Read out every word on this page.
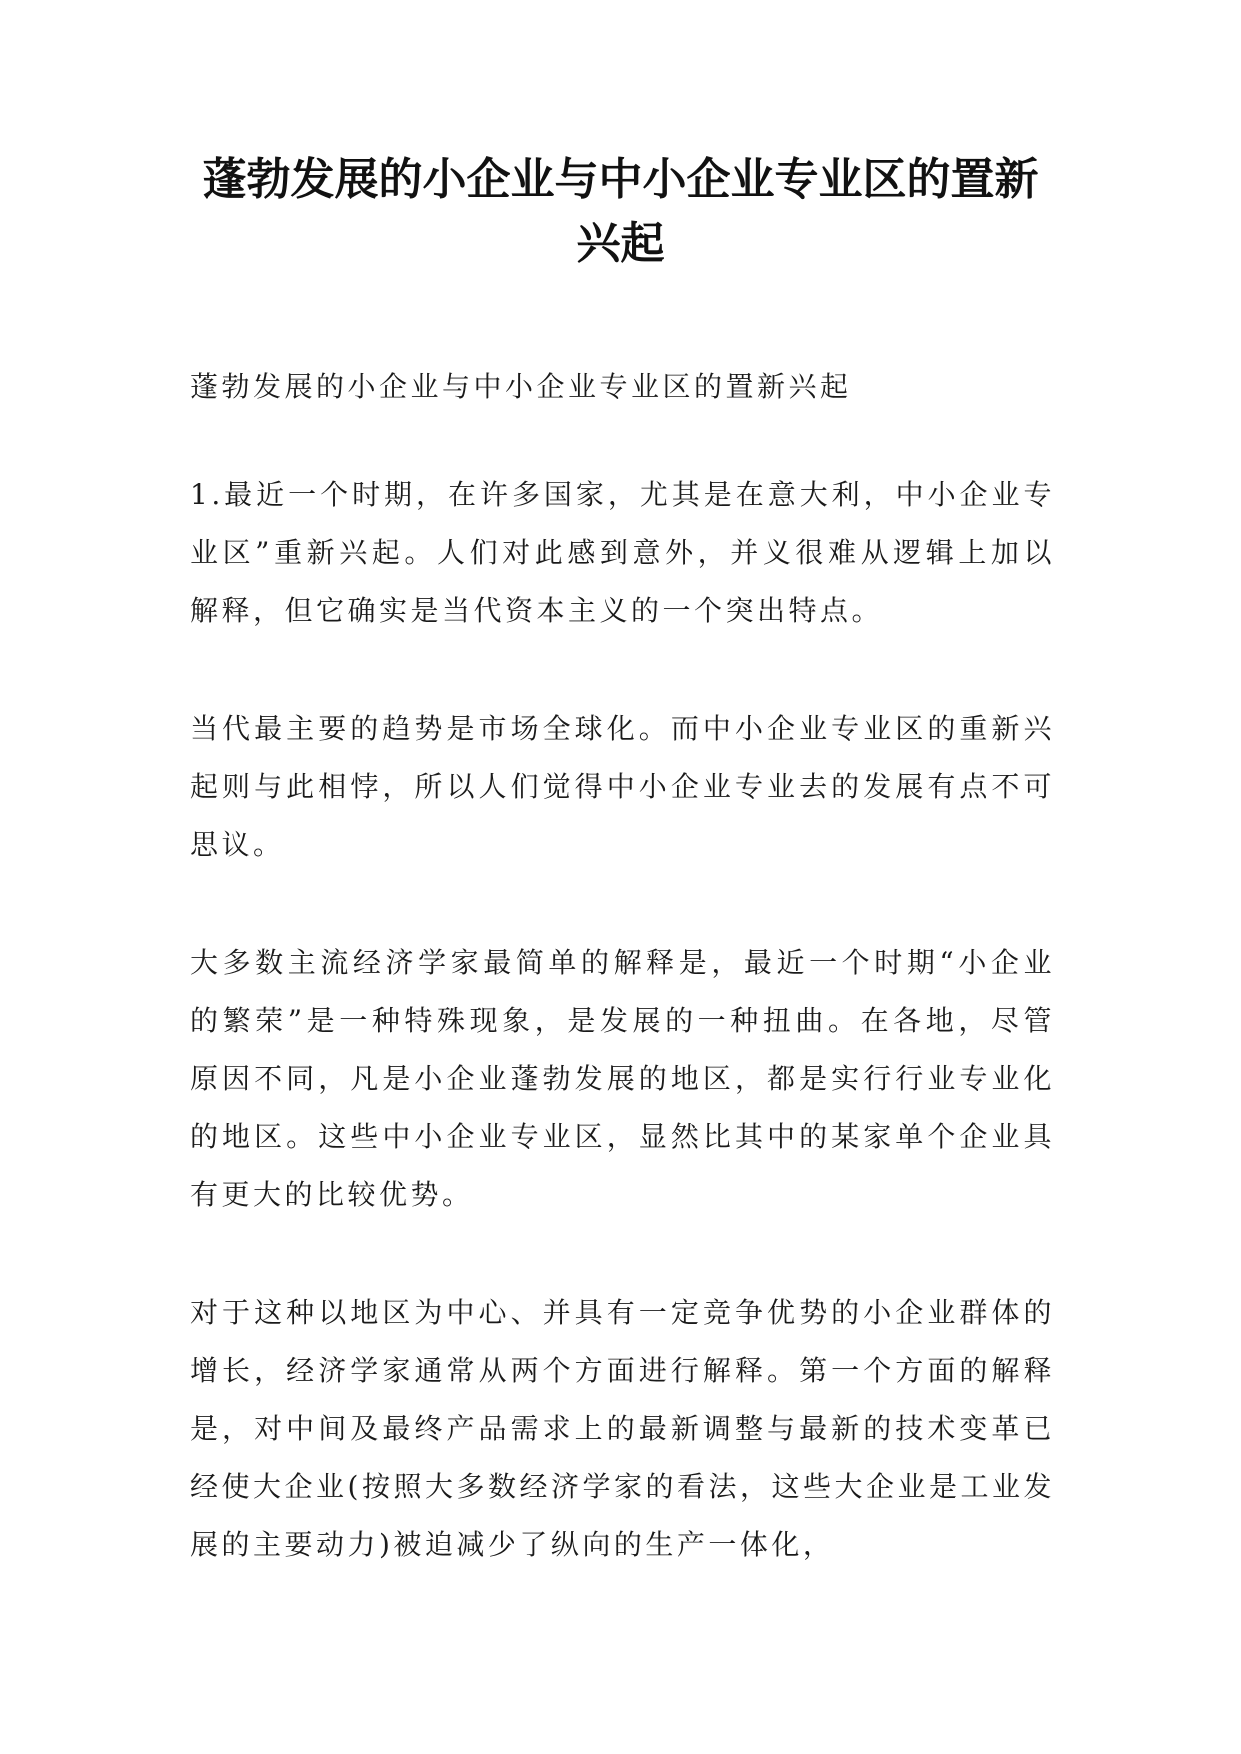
蓬勃发展的小企业与中小企业专业区的置新兴起

蓬勃发展的小企业与中小企业专业区的置新兴起

1.最近一个时期，在许多国家，尤其是在意大利，中小企业专业区”重新兴起。人们对此感到意外，并义很难从逻辑上加以解释，但它确实是当代资本主义的一个突出特点。

当代最主要的趋势是市场全球化。而中小企业专业区的重新兴起则与此相悖，所以人们觉得中小企业专业去的发展有点不可思议。

大多数主流经济学家最简单的解释是，最近一个时期“小企业的繁荣”是一种特殊现象，是发展的一种扭曲。在各地，尽管原因不同，凡是小企业蓬勃发展的地区，都是实行行业专业化的地区。这些中小企业专业区，显然比其中的某家单个企业具有更大的比较优势。

对于这种以地区为中心、并具有一定竞争优势的小企业群体的增长，经济学家通常从两个方面进行解释。第一个方面的解释是，对中间及最终产品需求上的最新调整与最新的技术变革已经使大企业(按照大多数经济学家的看法，这些大企业是工业发展的主要动力)被迫减少了纵向的生产一体化，
